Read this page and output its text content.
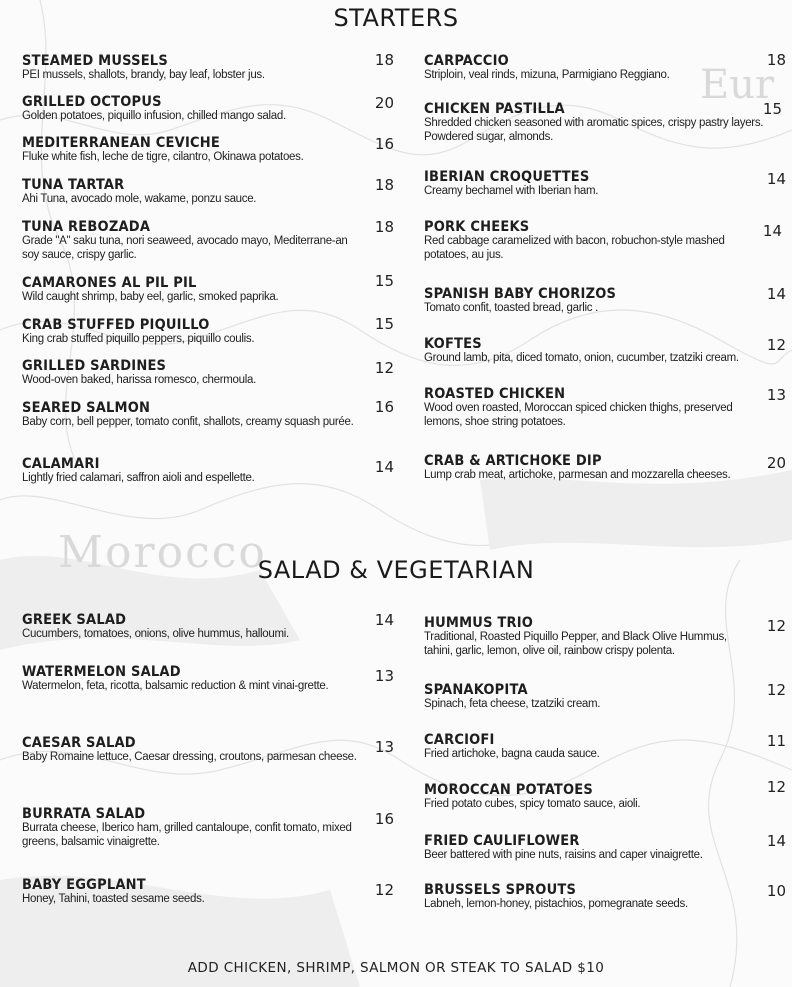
Morocco
Eur
STARTERS
STEAMED MUSSELS
PEI mussels, shallots, brandy, bay leaf, lobster jus.
18
GRILLED OCTOPUS
Golden potatoes, piquillo infusion, chilled mango salad.
20
MEDITERRANEAN CEVICHE
Fluke white fish, leche de tigre, cilantro, Okinawa potatoes.
16
TUNA TARTAR
Ahi Tuna, avocado mole, wakame, ponzu sauce.
18
TUNA REBOZADA
Grade "A" saku tuna, nori seaweed, avocado mayo, Mediterrane-an soy sauce, crispy garlic.
18
CAMARONES AL PIL PIL
Wild caught shrimp, baby eel, garlic, smoked paprika.
15
CRAB STUFFED PIQUILLO
King crab stuffed piquillo peppers, piquillo coulis.
15
GRILLED SARDINES
Wood-oven baked, harissa romesco, chermoula.
12
SEARED SALMON
Baby corn, bell pepper, tomato confit, shallots, creamy squash purée.
16
CALAMARI
Lightly fried calamari, saffron aioli and espellette.
14
CARPACCIO
Striploin, veal rinds, mizuna, Parmigiano Reggiano.
18
CHICKEN PASTILLA
Shredded chicken seasoned with aromatic spices, crispy pastry layers. Powdered sugar, almonds.
15
IBERIAN CROQUETTES
Creamy bechamel with Iberian ham.
14
PORK CHEEKS
Red cabbage caramelized with bacon, robuchon-style mashed potatoes, au jus.
14
SPANISH BABY CHORIZOS
Tomato confit, toasted bread, garlic .
14
KOFTES
Ground lamb, pita, diced tomato, onion, cucumber, tzatziki cream.
12
ROASTED CHICKEN
Wood oven roasted, Moroccan spiced chicken thighs, preserved lemons, shoe string potatoes.
13
CRAB & ARTICHOKE DIP
Lump crab meat, artichoke, parmesan and mozzarella cheeses.
20
SALAD & VEGETARIAN
GREEK SALAD
Cucumbers, tomatoes, onions, olive hummus, halloumi.
14
WATERMELON SALAD
Watermelon, feta, ricotta, balsamic reduction & mint vinai-grette.
13
CAESAR SALAD
Baby Romaine lettuce, Caesar dressing, croutons, parmesan cheese.
13
BURRATA SALAD
Burrata cheese, Iberico ham, grilled cantaloupe, confit tomato, mixed greens, balsamic vinaigrette.
16
BABY EGGPLANT
Honey, Tahini, toasted sesame seeds.	12
HUMMUS TRIO
Traditional, Roasted Piquillo Pepper, and Black Olive Hummus, tahini, garlic, lemon, olive oil, rainbow crispy polenta.
12
SPANAKOPITA
Spinach, feta cheese, tzatziki cream.
12
CARCIOFI
Fried artichoke, bagna cauda sauce.
11
MOROCCAN POTATOES
Fried potato cubes, spicy tomato sauce, aioli.
12
FRIED CAULIFLOWER
Beer battered with pine nuts, raisins and caper vinaigrette.
14
BRUSSELS SPROUTS
Labneh, lemon-honey, pistachios, pomegranate seeds.
10
ADD CHICKEN, SHRIMP, SALMON OR STEAK TO SALAD $10
